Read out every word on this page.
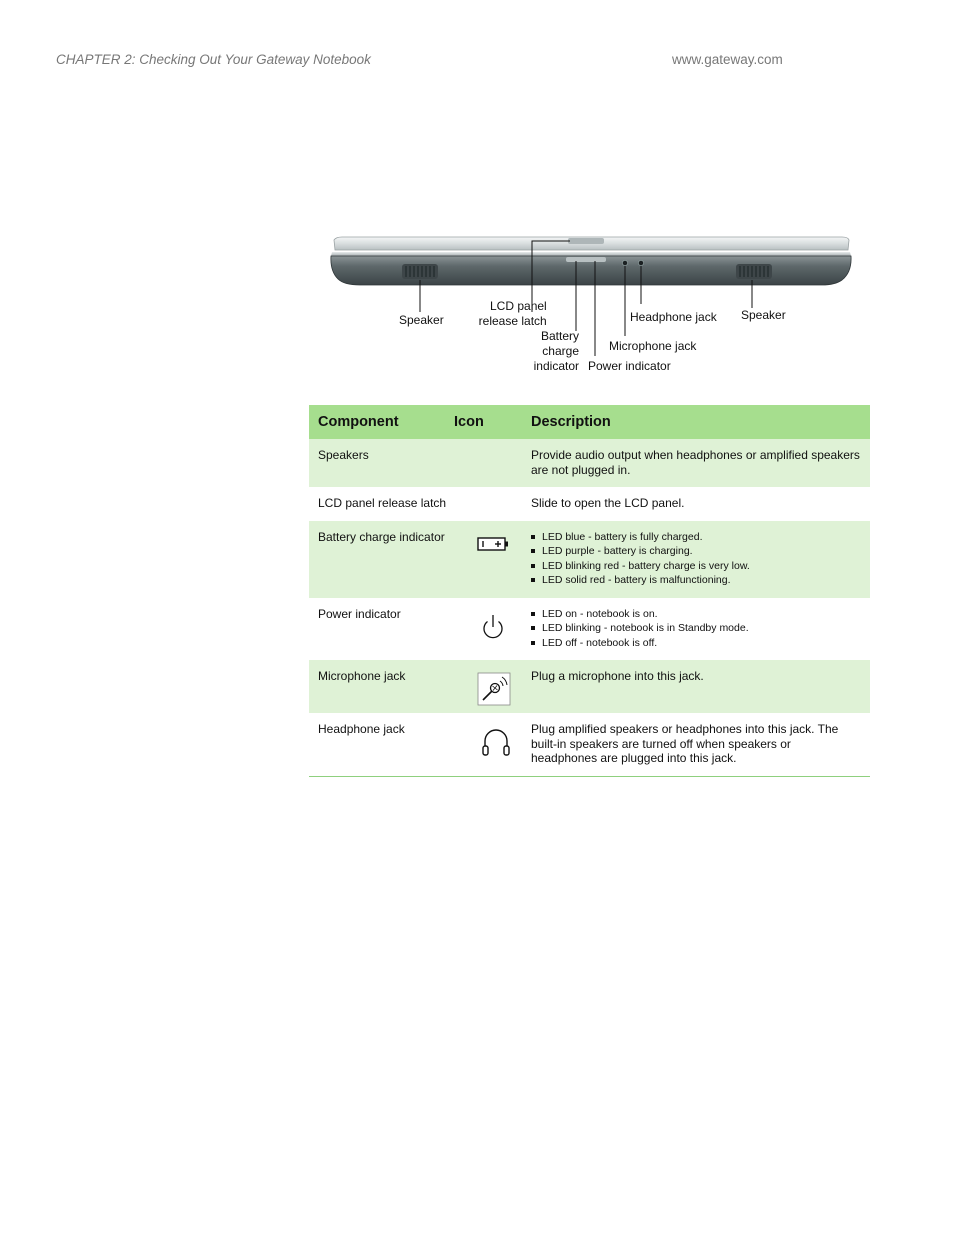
CHAPTER 2: Checking Out Your Gateway Notebook	www.gateway.com
Speaker
LCD panel
release latch
Battery
charge
indicator Power indicator
Microphone jack
Headphone jack Speaker
Component	Icon	Description
Speakers	Provide audio output when headphones or amplified speakers are not plugged in.
LCD panel release latch	Slide to open the LCD panel.
Battery charge indicator	LED blue - battery is fully charged.
LED purple - battery is charging.
LED blinking red - battery charge is very low.
LED solid red - battery is malfunctioning.
Power indicator	LED on - notebook is on.
LED blinking - notebook is in Standby mode.
LED off - notebook is off.
Microphone jack	Plug a microphone into this jack.
Headphone jack	Plug amplified speakers or headphones into this jack. The built-in speakers are turned off when speakers or headphones are plugged into this jack.
